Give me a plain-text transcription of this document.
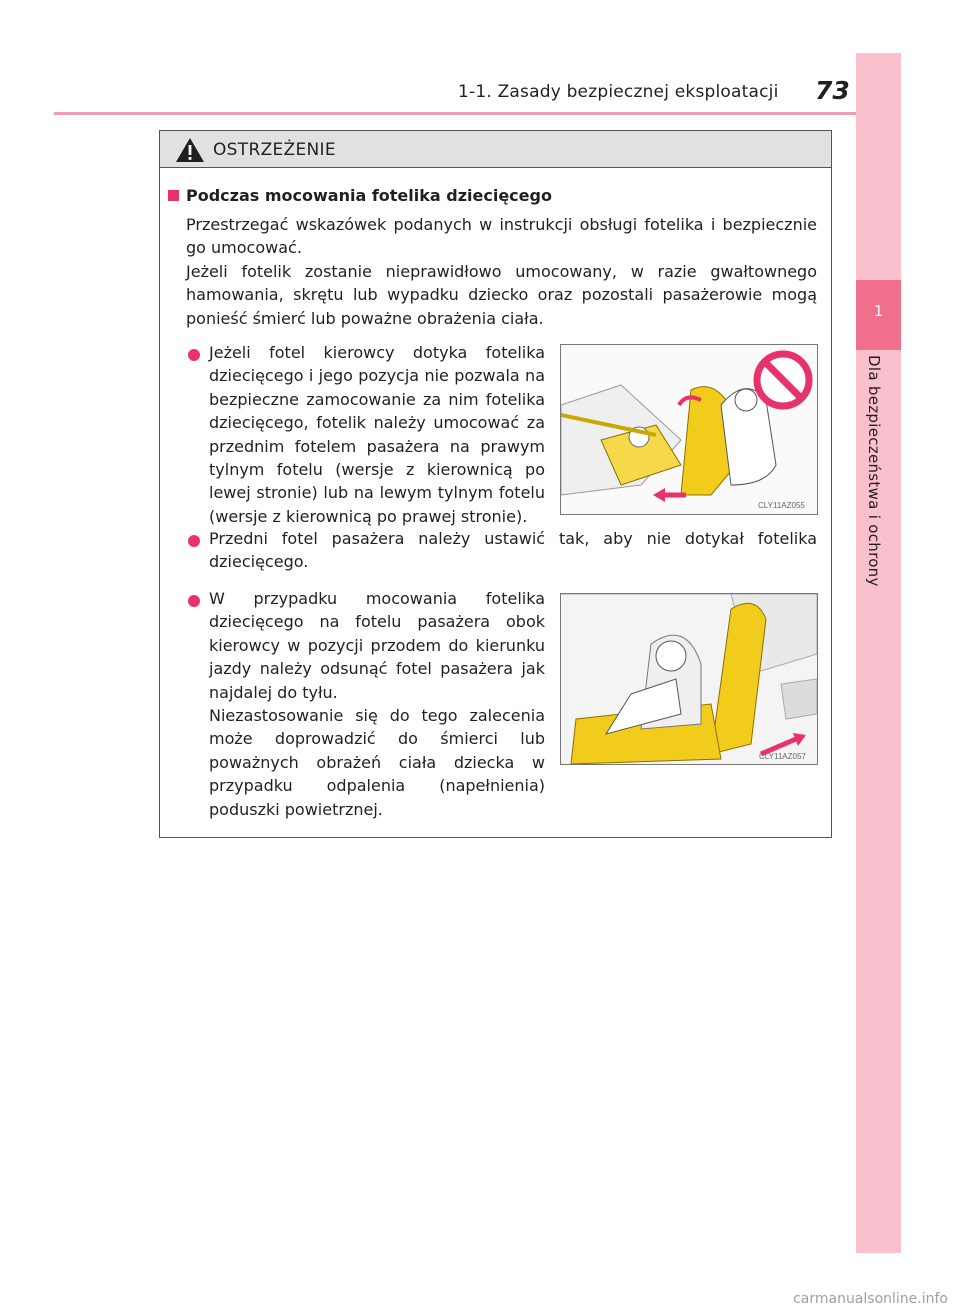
1-1. Zasady bezpiecznej eksploatacji 73
1
Dla bezpieczeństwa i ochrony
OSTRZEŻENIE
Podczas mocowania fotelika dziecięcego
Przestrzegać wskazówek podanych w instrukcji obsługi fotelika i bezpiecznie go umocować.
Jeżeli fotelik zostanie nieprawidłowo umocowany, w razie gwałtownego hamowania, skrętu lub wypadku dziecko oraz pozostali pasażerowie mogą ponieść śmierć lub poważne obrażenia ciała.
Jeżeli fotel kierowcy dotyka fotelika dziecięcego i jego pozycja nie pozwala na bezpieczne zamocowanie za nim fotelika dziecięcego, fotelik należy umocować za przednim fotelem pasażera na prawym tylnym fotelu (wersje z kierownicą po lewej stronie) lub na lewym tylnym fotelu (wersje z kierownicą po prawej stronie).
CLY11AZ055
Przedni fotel pasażera należy ustawić tak, aby nie dotykał fotelika dziecięcego.
W przypadku mocowania fotelika dziecięcego na fotelu pasażera obok kierowcy w pozycji przodem do kierunku jazdy należy odsunąć fotel pasażera jak najdalej do tyłu.
Niezastosowanie się do tego zalecenia może doprowadzić do śmierci lub poważnych obrażeń ciała dziecka w przypadku odpalenia (napełnienia) poduszki powietrznej.
CLY11AZ057
carmanualsonline.info
